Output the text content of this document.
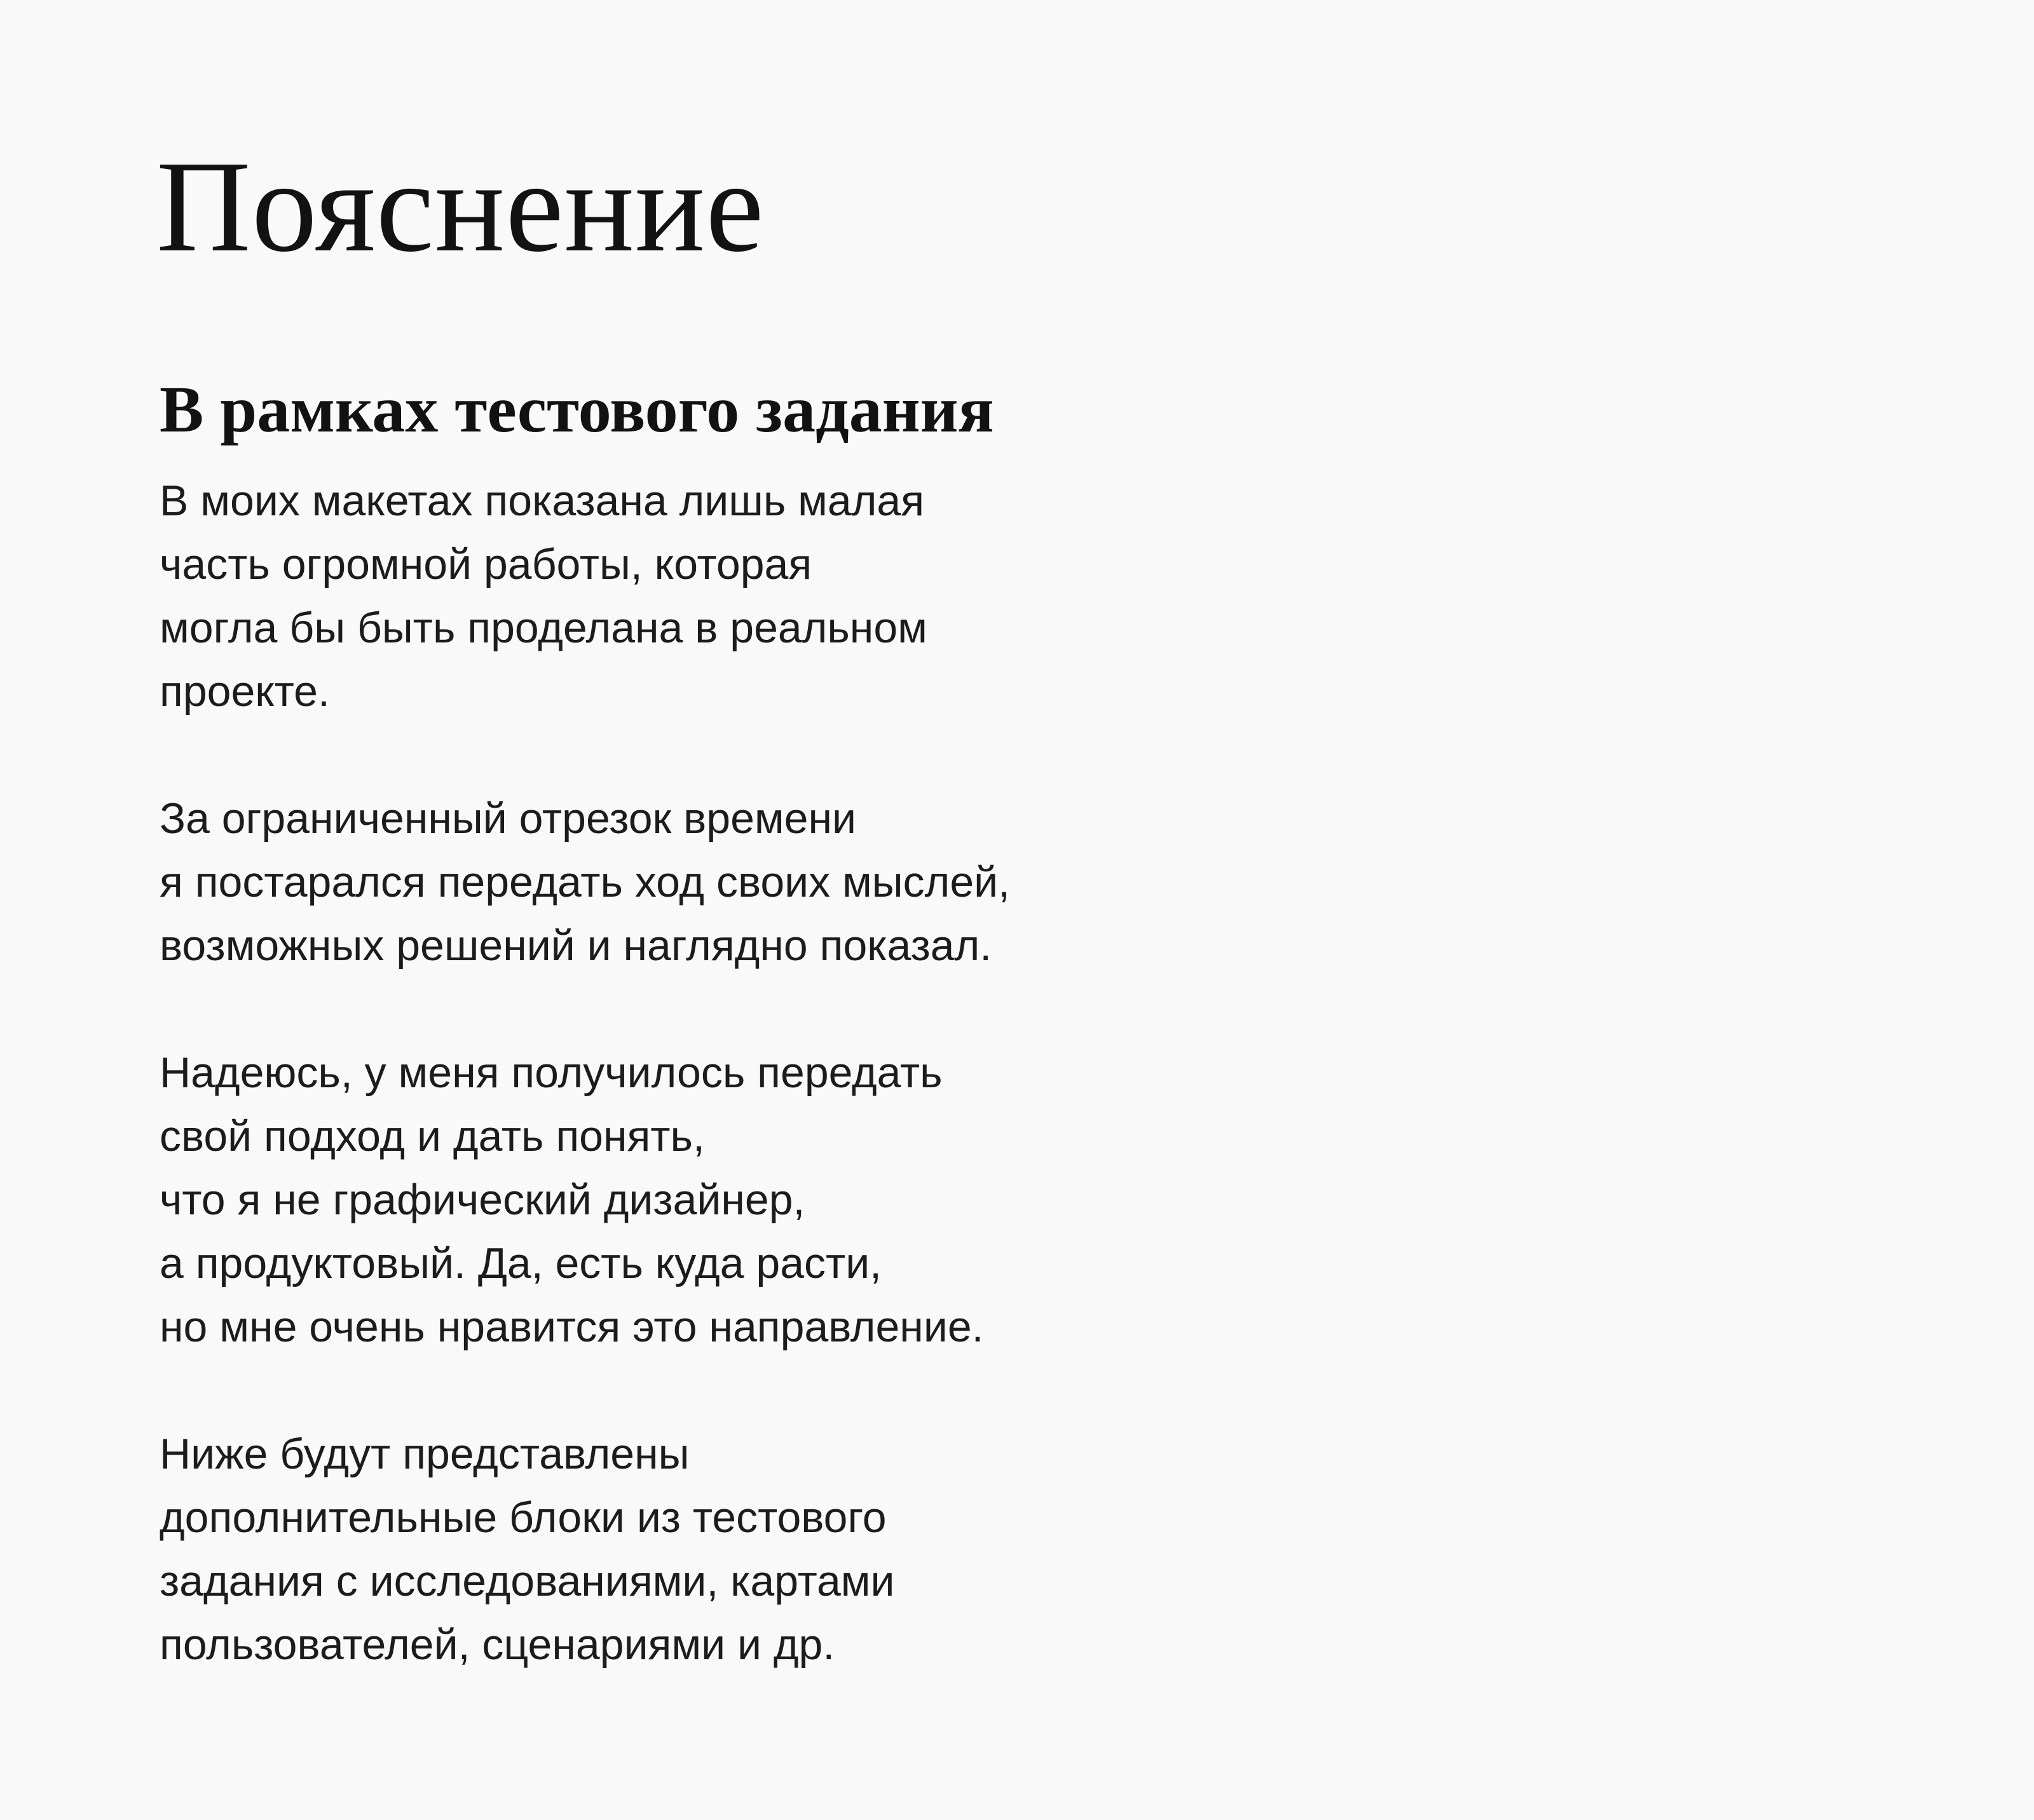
Пояснение
В рамках тестового задания

В моих макетах показана лишь малая
часть огромной работы, которая
могла бы быть проделана в реальном
проекте.

За ограниченный отрезок времени
я постарался передать ход своих мыслей,
возможных решений и наглядно показал.

Надеюсь, у меня получилось передать
свой подход и дать понять,
что я не графический дизайнер,
а продуктовый. Да, есть куда расти,
но мне очень нравится это направление.

Ниже будут представлены
дополнительные блоки из тестового
задания с исследованиями, картами
пользователей, сценариями и др.
